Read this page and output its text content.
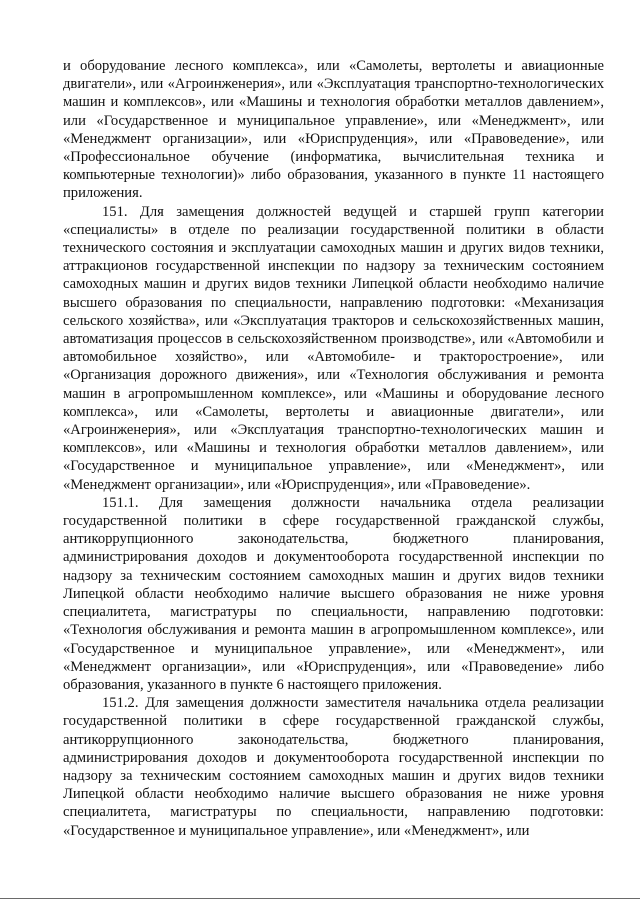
и оборудование лесного комплекса», или «Самолеты, вертолеты и авиационные двигатели», или «Агроинженерия», или «Эксплуатация транспортно-технологических машин и комплексов», или «Машины и технология обработки металлов давлением», или «Государственное и муниципальное управление», или «Менеджмент», или «Менеджмент организации», или «Юриспруденция», или «Правоведение», или «Профессиональное обучение (информатика, вычислительная техника и компьютерные технологии)» либо образования, указанного в пункте 11 настоящего приложения.

151. Для замещения должностей ведущей и старшей групп категории «специалисты» в отделе по реализации государственной политики в области технического состояния и эксплуатации самоходных машин и других видов техники, аттракционов государственной инспекции по надзору за техническим состоянием самоходных машин и других видов техники Липецкой области необходимо наличие высшего образования по специальности, направлению подготовки: «Механизация сельского хозяйства», или «Эксплуатация тракторов и сельскохозяйственных машин, автоматизация процессов в сельскохозяйственном производстве», или «Автомобили и автомобильное хозяйство», или «Автомобиле- и тракторостроение», или «Организация дорожного движения», или «Технология обслуживания и ремонта машин в агропромышленном комплексе», или «Машины и оборудование лесного комплекса», или «Самолеты, вертолеты и авиационные двигатели», или «Агроинженерия», или «Эксплуатация транспортно-технологических машин и комплексов», или «Машины и технология обработки металлов давлением», или «Государственное и муниципальное управление», или «Менеджмент», или «Менеджмент организации», или «Юриспруденция», или «Правоведение».

151.1. Для замещения должности начальника отдела реализации государственной политики в сфере государственной гражданской службы, антикоррупционного законодательства, бюджетного планирования, администрирования доходов и документооборота государственной инспекции по надзору за техническим состоянием самоходных машин и других видов техники Липецкой области необходимо наличие высшего образования не ниже уровня специалитета, магистратуры по специальности, направлению подготовки: «Технология обслуживания и ремонта машин в агропромышленном комплексе», или «Государственное и муниципальное управление», или «Менеджмент», или «Менеджмент организации», или «Юриспруденция», или «Правоведение» либо образования, указанного в пункте 6 настоящего приложения.

151.2. Для замещения должности заместителя начальника отдела реализации государственной политики в сфере государственной гражданской службы, антикоррупционного законодательства, бюджетного планирования, администрирования доходов и документооборота государственной инспекции по надзору за техническим состоянием самоходных машин и других видов техники Липецкой области необходимо наличие высшего образования не ниже уровня специалитета, магистратуры по специальности, направлению подготовки: «Государственное и муниципальное управление», или «Менеджмент», или
